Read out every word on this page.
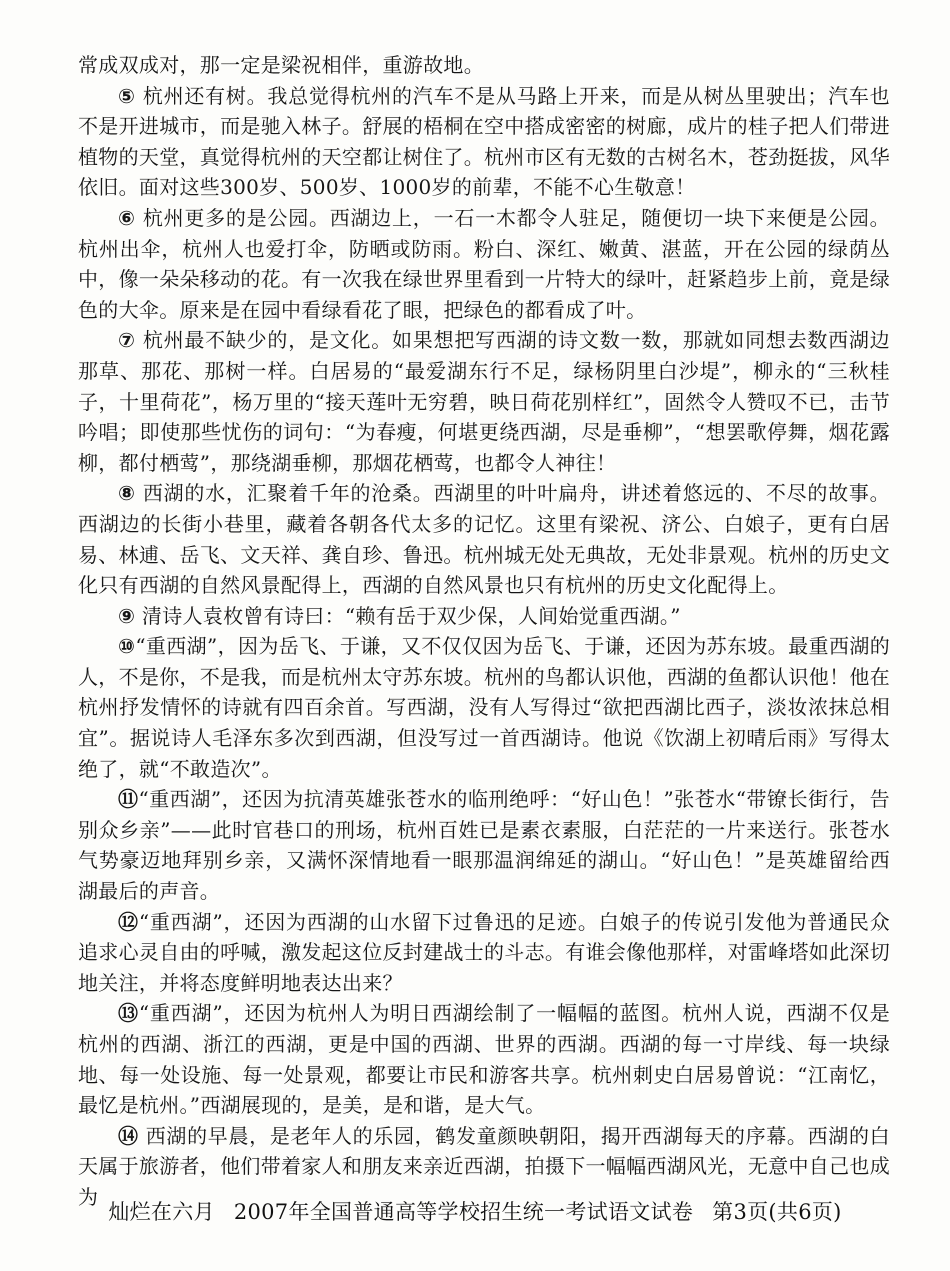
常成双成对，那一定是梁祝相伴，重游故地。

⑤ 杭州还有树。我总觉得杭州的汽车不是从马路上开来，而是从树丛里驶出；汽车也不是开进城市，而是驰入林子。舒展的梧桐在空中搭成密密的树廊，成片的桂子把人们带进植物的天堂，真觉得杭州的天空都让树住了。杭州市区有无数的古树名木，苍劲挺拔，风华依旧。面对这些300岁、500岁、1000岁的前辈，不能不心生敬意！

⑥ 杭州更多的是公园。西湖边上，一石一木都令人驻足，随便切一块下来便是公园。杭州出伞，杭州人也爱打伞，防晒或防雨。粉白、深红、嫩黄、湛蓝，开在公园的绿荫丛中，像一朵朵移动的花。有一次我在绿世界里看到一片特大的绿叶，赶紧趋步上前，竟是绿色的大伞。原来是在园中看绿看花了眼，把绿色的都看成了叶。

⑦ 杭州最不缺少的，是文化。如果想把写西湖的诗文数一数，那就如同想去数西湖边那草、那花、那树一样。白居易的“最爱湖东行不足，绿杨阴里白沙堤”，柳永的“三秋桂子，十里荷花”，杨万里的“接天莲叶无穷碧，映日荷花别样红”，固然令人赞叹不已，击节吟唱；即使那些忧伤的词句：“为春瘦，何堪更绕西湖，尽是垂柳”，“想罢歌停舞，烟花露柳，都付栖莺”，那绕湖垂柳，那烟花栖莺，也都令人神往！

⑧ 西湖的水，汇聚着千年的沧桑。西湖里的叶叶扁舟，讲述着悠远的、不尽的故事。西湖边的长街小巷里，藏着各朝各代太多的记忆。这里有梁祝、济公、白娘子，更有白居易、林逋、岳飞、文天祥、龚自珍、鲁迅。杭州城无处无典故，无处非景观。杭州的历史文化只有西湖的自然风景配得上，西湖的自然风景也只有杭州的历史文化配得上。

⑨ 清诗人袁枚曾有诗曰：“赖有岳于双少保，人间始觉重西湖。”

⑩“重西湖”，因为岳飞、于谦，又不仅仅因为岳飞、于谦，还因为苏东坡。最重西湖的人，不是你，不是我，而是杭州太守苏东坡。杭州的鸟都认识他，西湖的鱼都认识他！他在杭州抒发情怀的诗就有四百余首。写西湖，没有人写得过“欲把西湖比西子，淡妆浓抹总相宜”。据说诗人毛泽东多次到西湖，但没写过一首西湖诗。他说《饮湖上初晴后雨》写得太绝了，就“不敢造次”。

⑪“重西湖”，还因为抗清英雄张苍水的临刑绝呼：“好山色！”张苍水“带镣长街行，告别众乡亲”——此时官巷口的刑场，杭州百姓已是素衣素服，白茫茫的一片来送行。张苍水气势豪迈地拜别乡亲，又满怀深情地看一眼那温润绵延的湖山。“好山色！”是英雄留给西湖最后的声音。

⑫“重西湖”，还因为西湖的山水留下过鲁迅的足迹。白娘子的传说引发他为普通民众追求心灵自由的呼喊，激发起这位反封建战士的斗志。有谁会像他那样，对雷峰塔如此深切地关注，并将态度鲜明地表达出来？

⑬“重西湖”，还因为杭州人为明日西湖绘制了一幅幅的蓝图。杭州人说，西湖不仅是杭州的西湖、浙江的西湖，更是中国的西湖、世界的西湖。西湖的每一寸岸线、每一块绿地、每一处设施、每一处景观，都要让市民和游客共享。杭州刺史白居易曾说：“江南忆，最忆是杭州。”西湖展现的，是美，是和谐，是大气。

⑭ 西湖的早晨，是老年人的乐园，鹤发童颜映朝阳，揭开西湖每天的序幕。西湖的白天属于旅游者，他们带着家人和朋友来亲近西湖，拍摄下一幅幅西湖风光，无意中自己也成为

灿烂在六月 2007年全国普通高等学校招生统一考试语文试卷 第3页(共6页)
